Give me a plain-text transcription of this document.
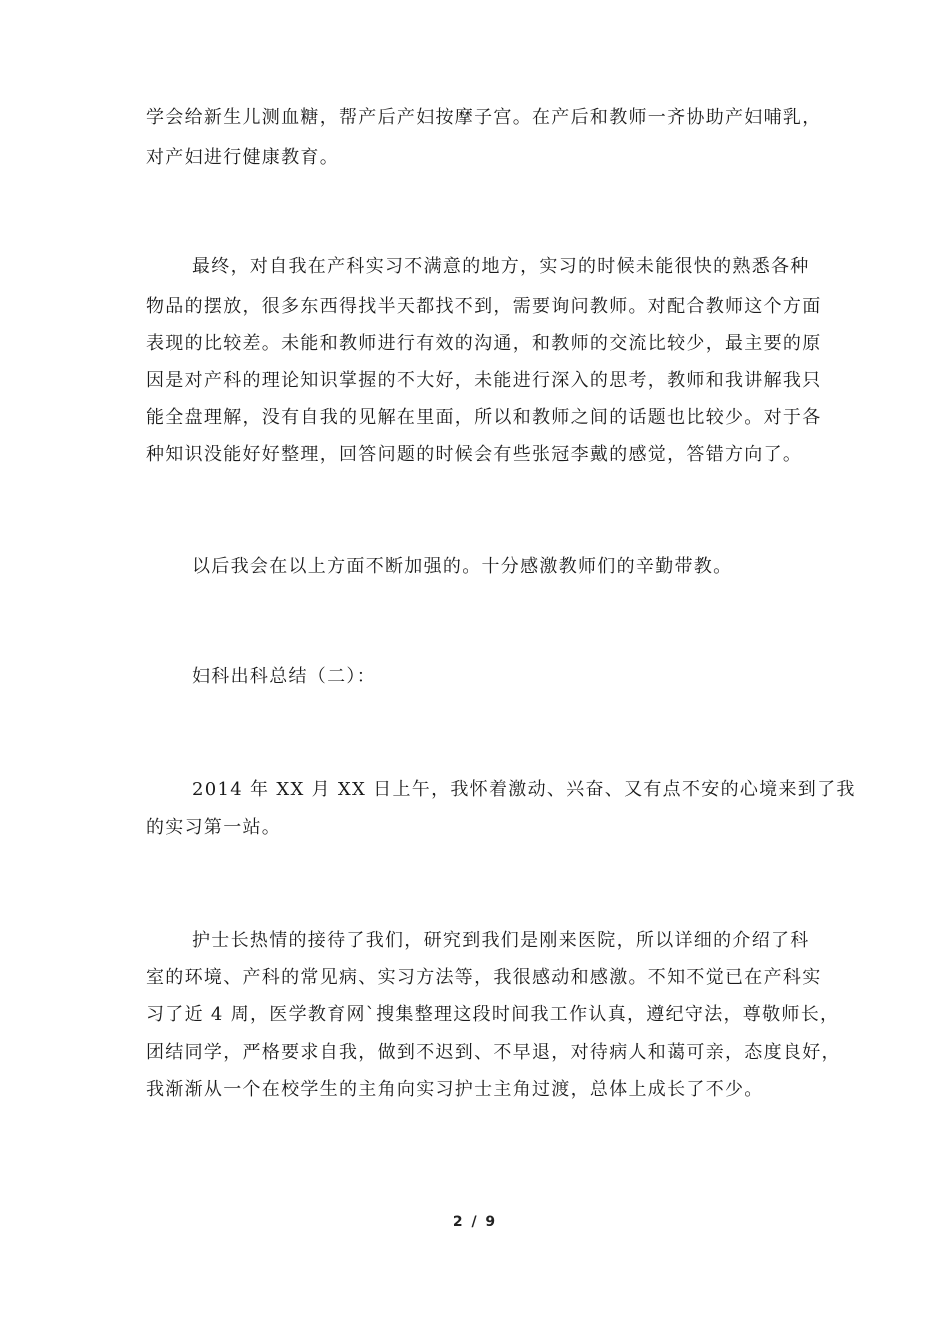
学会给新生儿测血糖，帮产后产妇按摩子宫。在产后和教师一齐协助产妇哺乳，
对产妇进行健康教育。
最终，对自我在产科实习不满意的地方，实习的时候未能很快的熟悉各种
物品的摆放，很多东西得找半天都找不到，需要询问教师。对配合教师这个方面
表现的比较差。未能和教师进行有效的沟通，和教师的交流比较少，最主要的原
因是对产科的理论知识掌握的不大好，未能进行深入的思考，教师和我讲解我只
能全盘理解，没有自我的见解在里面，所以和教师之间的话题也比较少。对于各
种知识没能好好整理，回答问题的时候会有些张冠李戴的感觉，答错方向了。
以后我会在以上方面不断加强的。十分感激教师们的辛勤带教。
妇科出科总结（二）：
2014 年 XX 月 XX 日上午，我怀着激动、兴奋、又有点不安的心境来到了我
的实习第一站。
护士长热情的接待了我们，研究到我们是刚来医院，所以详细的介绍了科
室的环境、产科的常见病、实习方法等，我很感动和感激。不知不觉已在产科实
习了近 4 周，医学教育网`搜集整理这段时间我工作认真，遵纪守法，尊敬师长，
团结同学，严格要求自我，做到不迟到、不早退，对待病人和蔼可亲，态度良好，
我渐渐从一个在校学生的主角向实习护士主角过渡，总体上成长了不少。
2 / 9
